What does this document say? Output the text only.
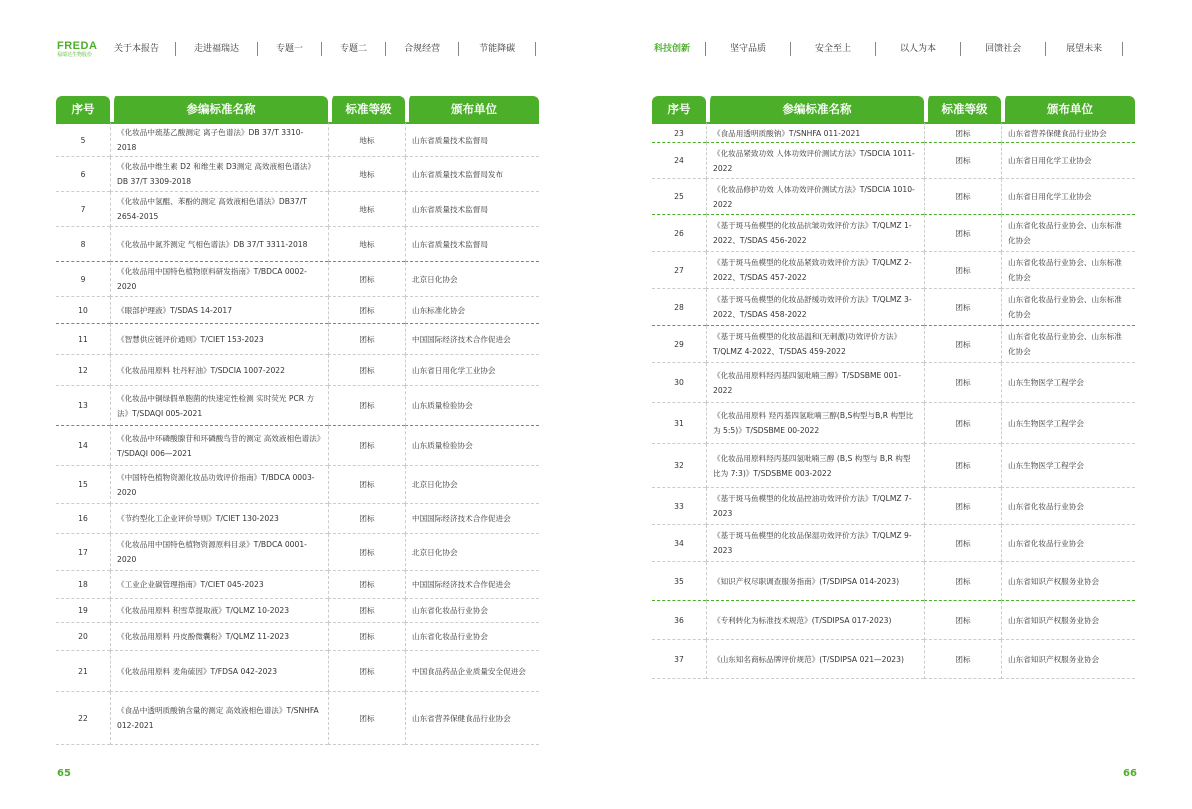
FREDA
福瑞达生物股份
关于本报告	走进福瑞达	专题一	专题二	合规经营	节能降碳
序号	参编标准名称	标准等级	颁布单位
5	《化妆品中巯基乙酸测定 离子色谱法》DB 37/T 3310-2018	地标	山东省质量技术监督局
6	《化妆品中维生素 D2 和维生素 D3测定 高效液相色谱法》DB 37/T 3309-2018	地标	山东省质量技术监督局发布
7	《化妆品中氢醌、苯酚的测定 高效液相色谱法》DB37/T 2654-2015	地标	山东省质量技术监督局
8	《化妆品中氮芥测定 气相色谱法》DB 37/T 3311-2018	地标	山东省质量技术监督局
9	《化妆品用中国特色植物原料研发指南》T/BDCA 0002-2020	团标	北京日化协会
10	《眼部护理液》T/SDAS 14-2017	团标	山东标准化协会
11	《智慧供应链评价通则》T/CIET 153-2023	团标	中国国际经济技术合作促进会
12	《化妆品用原料 牡丹籽油》T/SDCIA 1007-2022	团标	山东省日用化学工业协会
13	《化妆品中铜绿假单胞菌的快速定性检测 实时荧光 PCR 方法》T/SDAQI 005-2021	团标	山东质量检验协会
14	《化妆品中环磷酸腺苷和环磷酸鸟苷的测定 高效液相色谱法》T/SDAQI 006—2021	团标	山东质量检验协会
15	《中国特色植物资源化妆品功效评价指南》T/BDCA 0003-2020	团标	北京日化协会
16	《节约型化工企业评价导则》T/CIET 130-2023	团标	中国国际经济技术合作促进会
17	《化妆品用中国特色植物资源原料目录》T/BDCA 0001-2020	团标	北京日化协会
18	《工业企业碳管理指南》T/CIET 045-2023	团标	中国国际经济技术合作促进会
19	《化妆品用原料 积雪草提取液》T/QLMZ 10-2023	团标	山东省化妆品行业协会
20	《化妆品用原料 丹皮酚微囊粉》T/QLMZ 11-2023	团标	山东省化妆品行业协会
21	《化妆品用原料 麦角硫因》T/FDSA 042-2023	团标	中国食品药品企业质量安全促进会
22	《食品中透明质酸钠含量的测定 高效液相色谱法》T/SNHFA 012-2021	团标	山东省营养保健食品行业协会
65
科技创新	坚守品质	安全至上	以人为本	回馈社会	展望未来
序号	参编标准名称	标准等级	颁布单位
23	《食品用透明质酸钠》T/SNHFA 011-2021	团标	山东省营养保健食品行业协会
24	《化妆品紧致功效 人体功效评价测试方法》T/SDCIA 1011-2022	团标	山东省日用化学工业协会
25	《化妆品修护功效 人体功效评价测试方法》T/SDCIA 1010-2022	团标	山东省日用化学工业协会
26	《基于斑马鱼模型的化妆品抗皱功效评价方法》T/QLMZ 1-2022、T/SDAS 456-2022	团标	山东省化妆品行业协会、山东标准化协会
27	《基于斑马鱼模型的化妆品紧致功效评价方法》T/QLMZ 2-2022、T/SDAS 457-2022	团标	山东省化妆品行业协会、山东标准化协会
28	《基于斑马鱼模型的化妆品舒缓功效评价方法》T/QLMZ 3-2022、T/SDAS 458-2022	团标	山东省化妆品行业协会、山东标准化协会
29	《基于斑马鱼模型的化妆品温和(无刺激)功效评价方法》T/QLMZ 4-2022、T/SDAS 459-2022	团标	山东省化妆品行业协会、山东标准化协会
30	《化妆品用原料羟丙基四氢吡喃三醇》T/SDSBME 001-2022	团标	山东生物医学工程学会
31	《化妆品用原料 羟丙基四氢吡喃三醇(B,S构型与B,R 构型比为 5:5)》T/SDSBME 00-2022	团标	山东生物医学工程学会
32	《化妆品用原料羟丙基四氢吡喃三醇 (B,S 构型与 B,R 构型比为 7:3)》T/SDSBME 003-2022	团标	山东生物医学工程学会
33	《基于斑马鱼模型的化妆品控油功效评价方法》T/QLMZ 7-2023	团标	山东省化妆品行业协会
34	《基于斑马鱼模型的化妆品保湿功效评价方法》T/QLMZ 9-2023	团标	山东省化妆品行业协会
35	《知识产权尽职调查服务指南》(T/SDIPSA 014-2023)	团标	山东省知识产权服务业协会
36	《专利转化为标准技术规范》(T/SDIPSA 017-2023)	团标	山东省知识产权服务业协会
37	《山东知名商标品牌评价规范》(T/SDIPSA 021—2023)	团标	山东省知识产权服务业协会
66
